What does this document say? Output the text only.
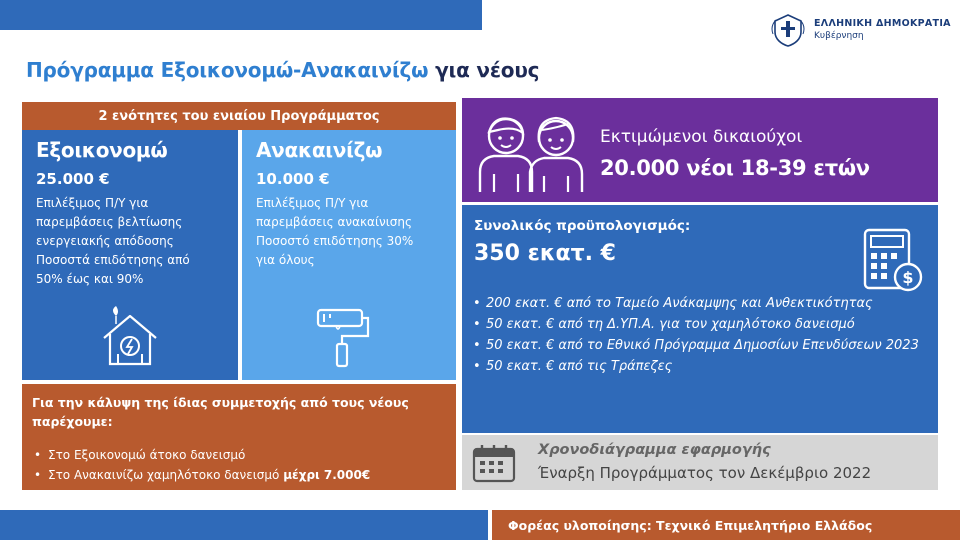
ΕΛΛΗΝΙΚΗ ΔΗΜΟΚΡΑΤΙΑ
Κυβέρνηση
Πρόγραμμα Εξοικονομώ-Ανακαινίζω για νέους
2 ενότητες του ενιαίου Προγράμματος
Εξοικονομώ
25.000 €
Επιλέξιμος Π/Υ για
παρεμβάσεις βελτίωσης
ενεργειακής απόδοσης
Ποσοστά επιδότησης από
50% έως και 90%
Ανακαινίζω
10.000 €
Επιλέξιμος Π/Υ για
παρεμβάσεις ανακαίνισης
Ποσοστό επιδότησης 30%
για όλους
Για την κάλυψη της ίδιας συμμετοχής από τους νέους
παρέχουμε:
• Στο Εξοικονομώ άτοκο δανεισμό
• Στο Ανακαινίζω χαμηλότοκο δανεισμό μέχρι 7.000€
Εκτιμώμενοι δικαιούχοι
20.000 νέοι 18-39 ετών
Συνολικός προϋπολογισμός:
350 εκατ. €
$
• 200 εκατ. € από το Ταμείο Ανάκαμψης και Ανθεκτικότητας
• 50 εκατ. € από τη Δ.ΥΠ.Α. για τον χαμηλότοκο δανεισμό
• 50 εκατ. € από το Εθνικό Πρόγραμμα Δημοσίων Επενδύσεων 2023
• 50 εκατ. € από τις Τράπεζες
Χρονοδιάγραμμα εφαρμογής
Έναρξη Προγράμματος τον Δεκέμβριο 2022
Φορέας υλοποίησης: Τεχνικό Επιμελητήριο Ελλάδος
